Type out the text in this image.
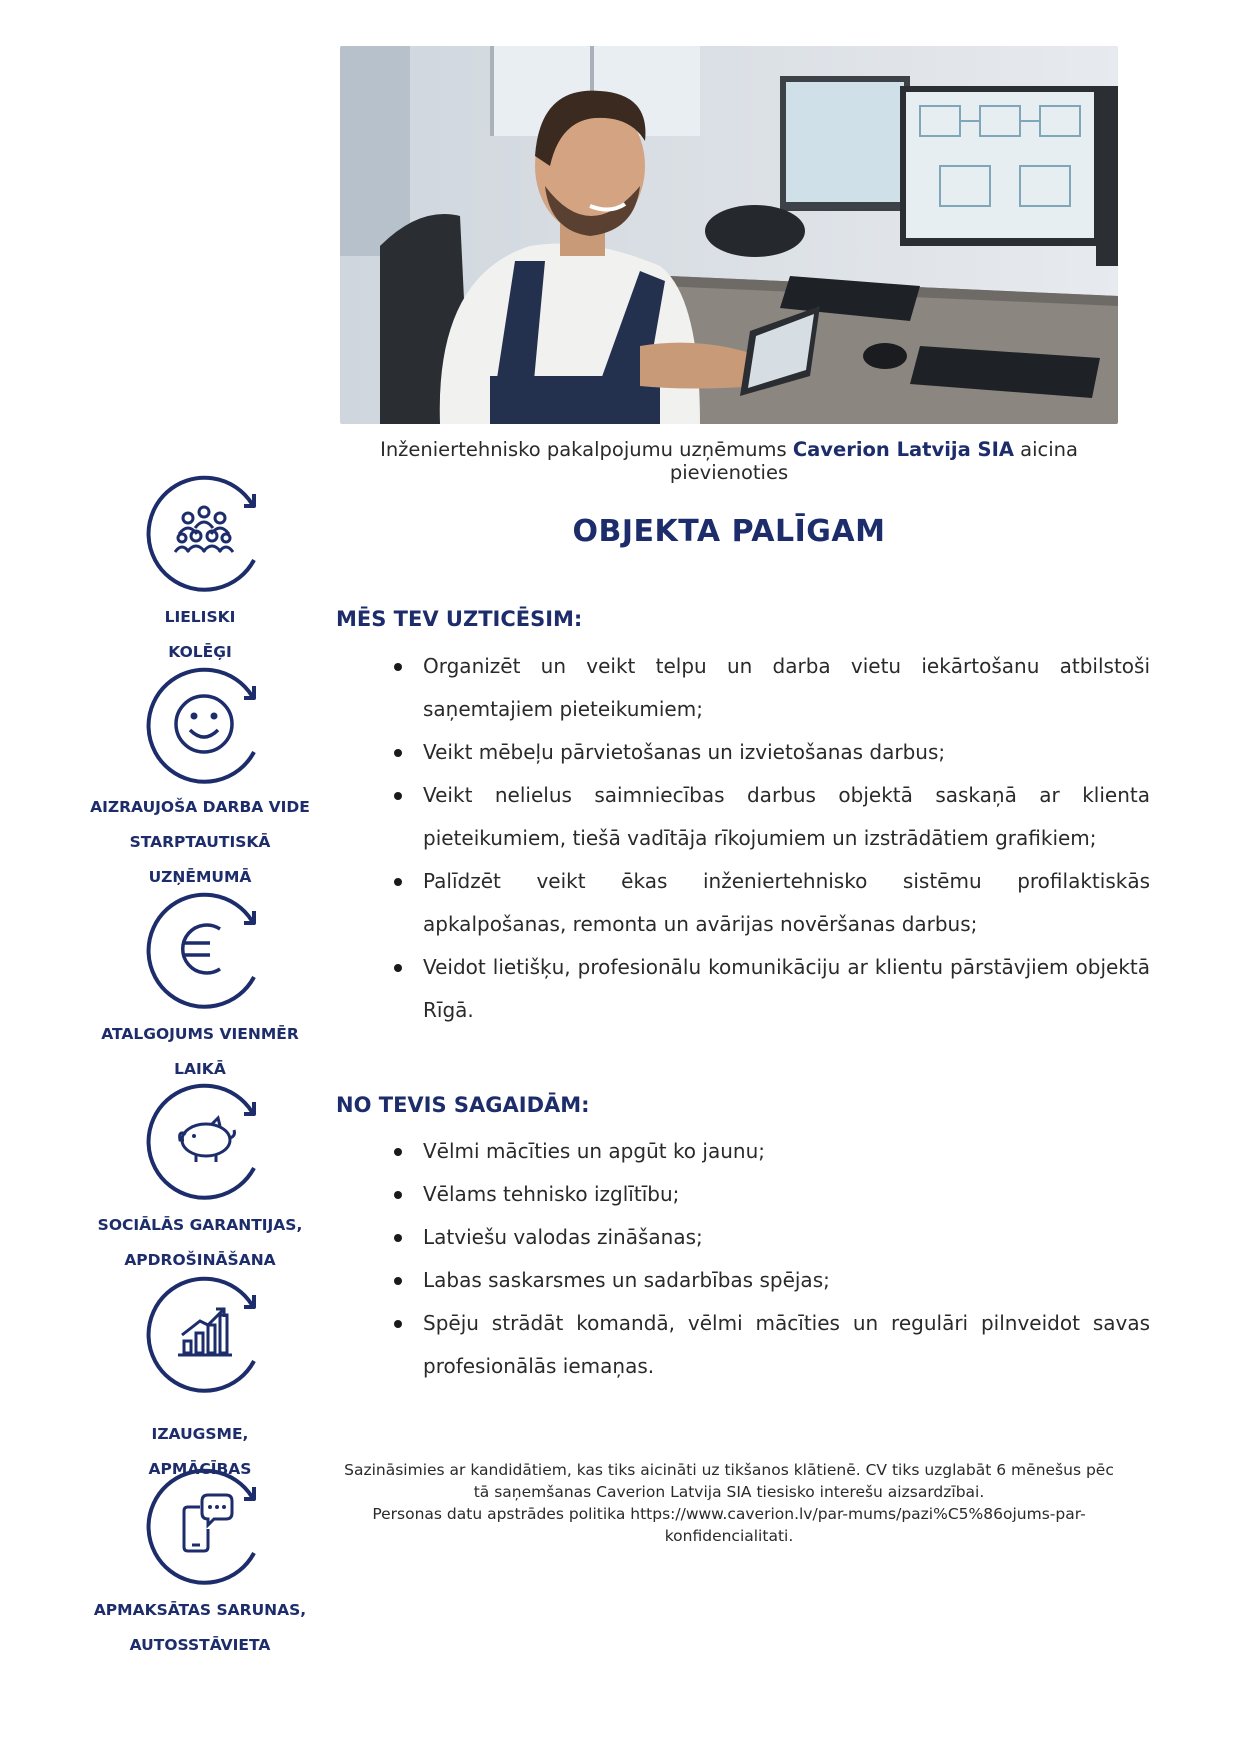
Inženiertehnisko pakalpojumu uzņēmums Caverion Latvija SIA aicina pievienoties
OBJEKTA PALĪGAM
MĒS TEV UZTICĒSIM:
Organizēt un veikt telpu un darba vietu iekārtošanu atbilstoši saņemtajiem pieteikumiem;
Veikt mēbeļu pārvietošanas un izvietošanas darbus;
Veikt nelielus saimniecības darbus objektā saskaņā ar klienta pieteikumiem, tiešā vadītāja rīkojumiem un izstrādātiem grafikiem;
Palīdzēt veikt ēkas inženiertehnisko sistēmu profilaktiskās apkalpošanas, remonta un avārijas novēršanas darbus;
Veidot lietišķu, profesionālu komunikāciju ar klientu pārstāvjiem objektā Rīgā.
NO TEVIS SAGAIDĀM:
Vēlmi mācīties un apgūt ko jaunu;
Vēlams tehnisko izglītību;
Latviešu valodas zināšanas;
Labas saskarsmes un sadarbības spējas;
Spēju strādāt komandā, vēlmi mācīties un regulāri pilnveidot savas profesionālās iemaņas.
Sazināsimies ar kandidātiem, kas tiks aicināti uz tikšanos klātienē. CV tiks uzglabāt 6 mēnešus pēc tā saņemšanas Caverion Latvija SIA tiesisko interešu aizsardzībai.
Personas datu apstrādes politika https://www.caverion.lv/par-mums/pazi%C5%86ojums-par-konfidencialitati.
LIELISKI
KOLĒĢI
AIZRAUJOŠA DARBA VIDE
STARPTAUTISKĀ
UZŅĒMUMĀ
ATALGOJUMS VIENMĒR
LAIKĀ
SOCIĀLĀS GARANTIJAS,
APDROŠINĀŠANA
IZAUGSME,
APMĀCĪBAS
APMAKSĀTAS SARUNAS,
AUTOSSTĀVIETA
